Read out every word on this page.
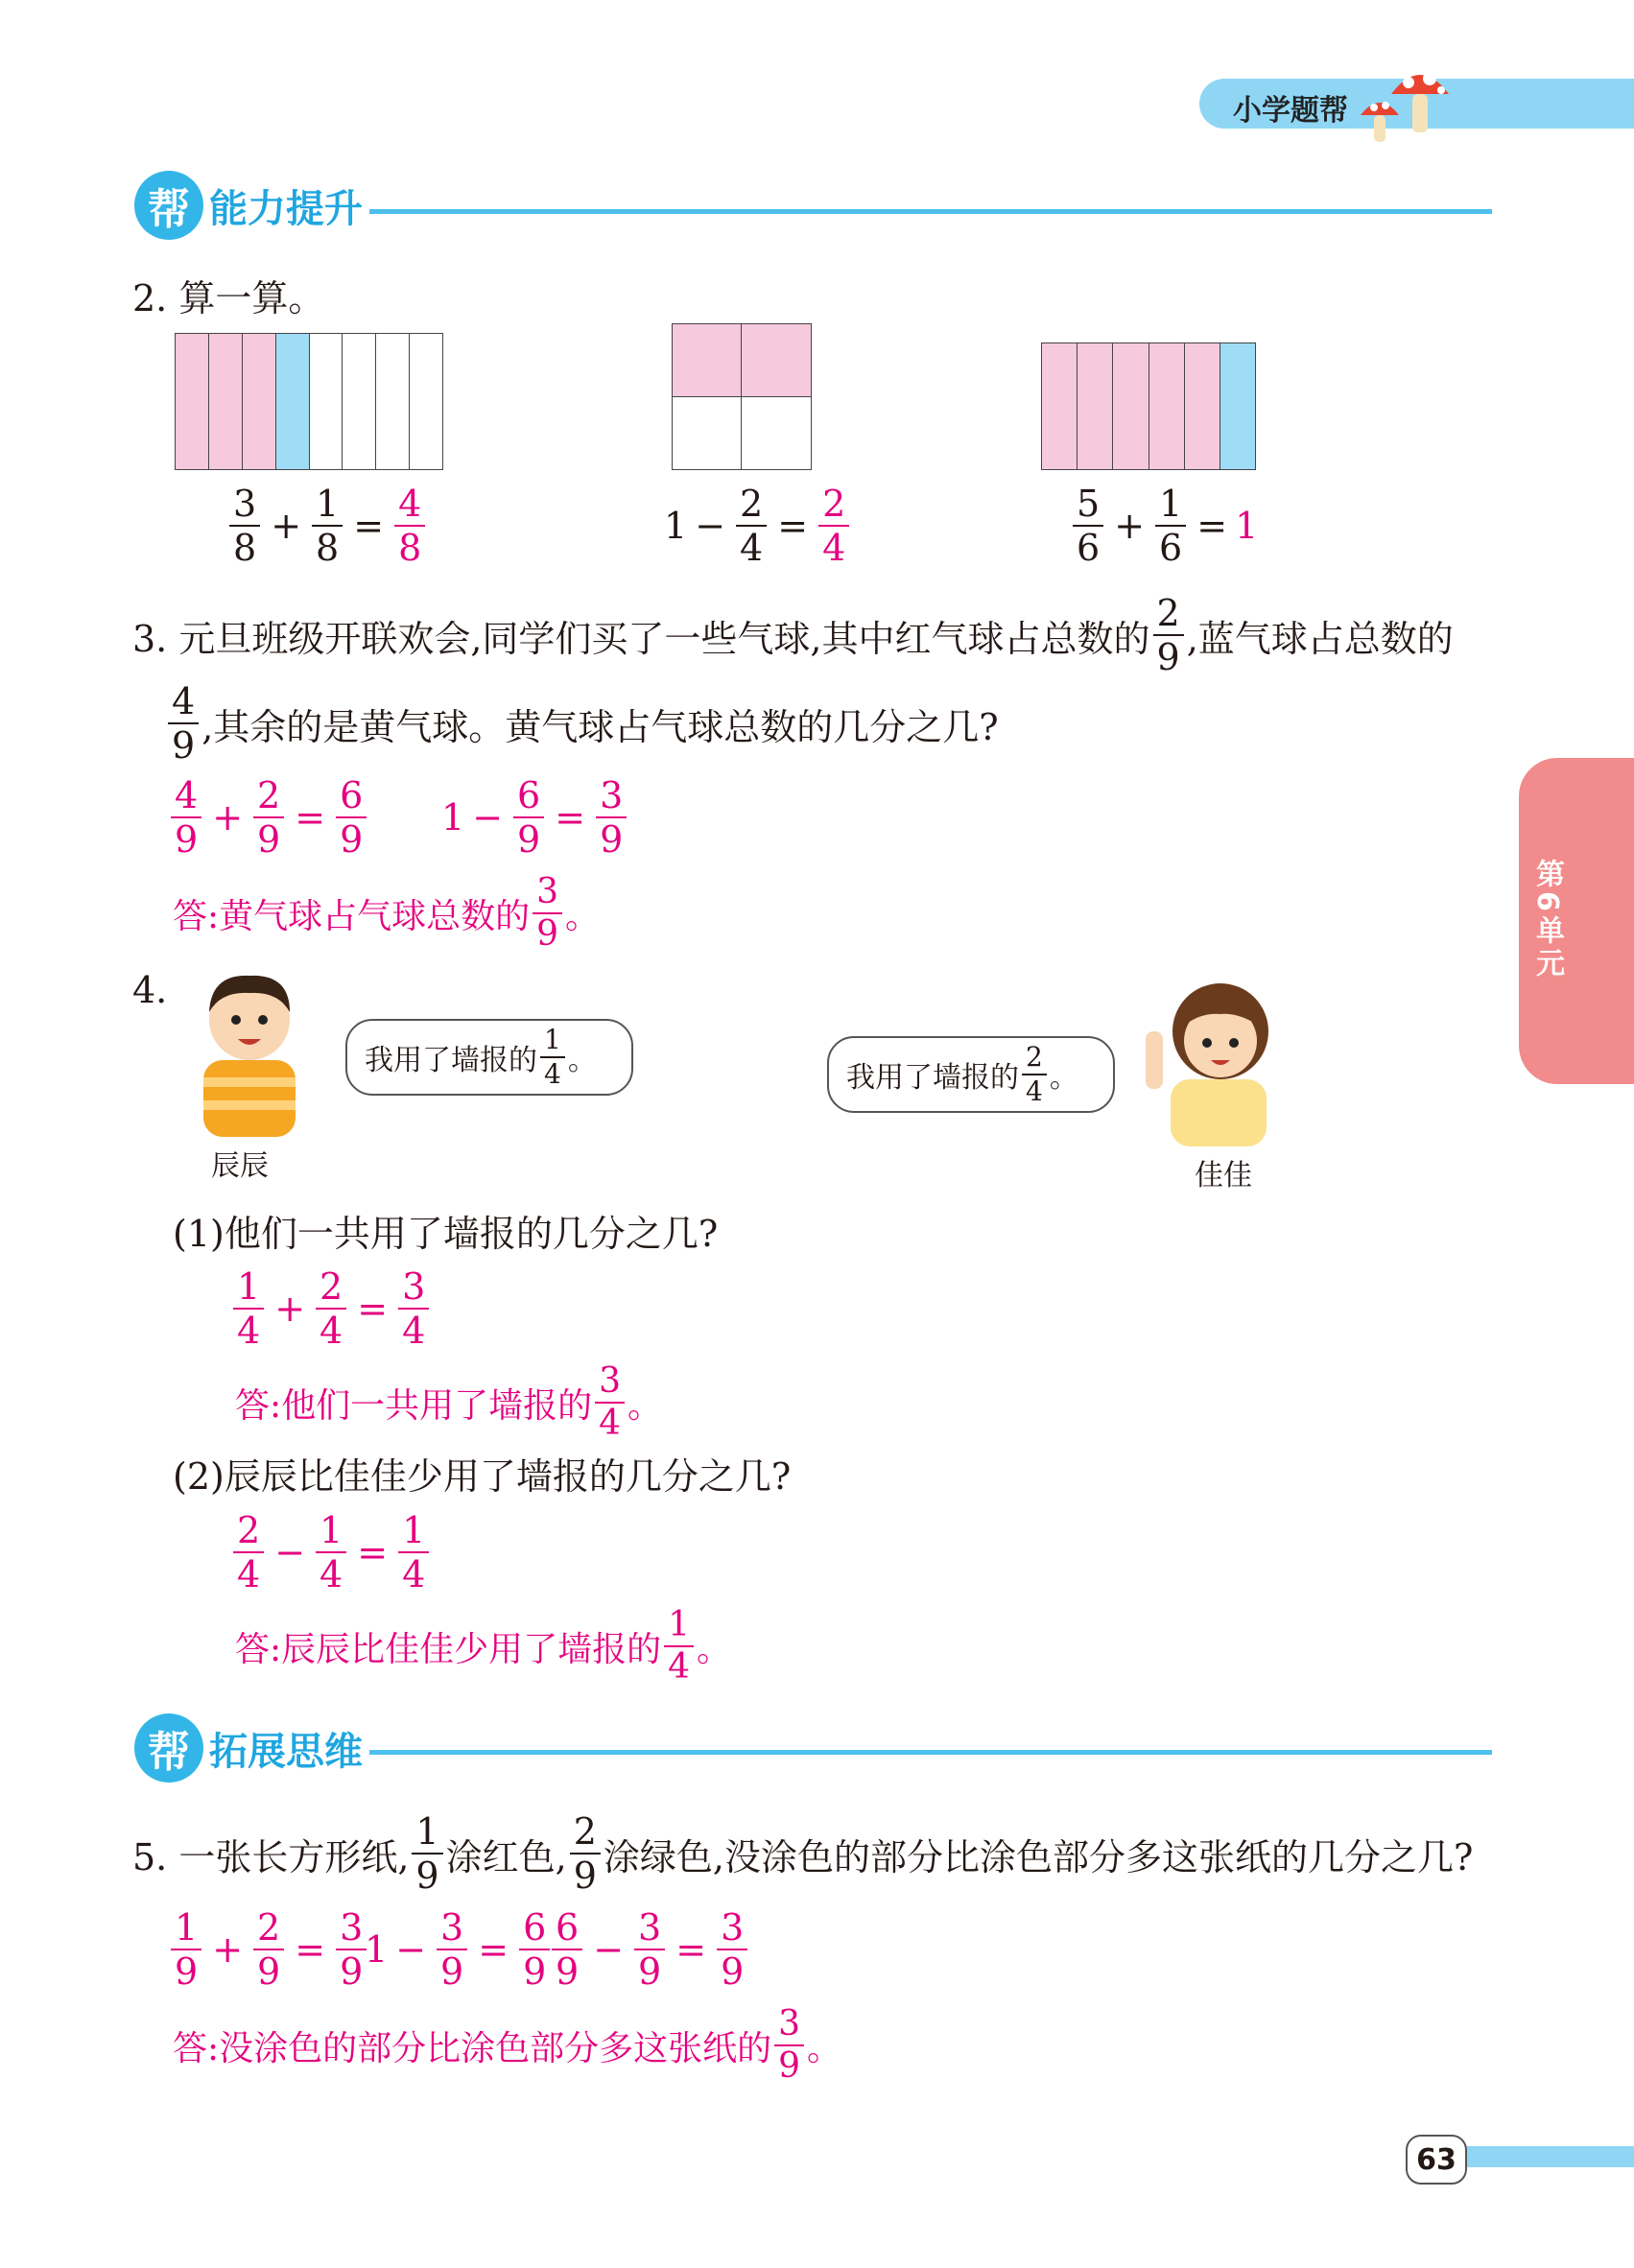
小学题帮
帮 能力提升
第6单元
2. 算一算。
$\frac{3}{8} + \frac{1}{8} = \frac{4}{8}$	$1 - \frac{2}{4} = \frac{2}{4}$	$\frac{5}{6} + \frac{1}{6} = 1$
3. 元旦班级开联欢会,同学们买了一些气球,其中红气球占总数的 $\frac{2}{9}$ ,蓝气球占总数的
$\frac{4}{9}$ ,其余的是黄气球。黄气球占气球总数的几分之几?
$\frac{4}{9} + \frac{2}{9} = \frac{6}{9} 1 - \frac{6}{9} = \frac{3}{9}$
答:黄气球占气球总数的 $\frac{3}{9}$ 。
4.
辰辰
我用了墙报的 $\frac{1}{4}$ 。
我用了墙报的 $\frac{2}{4}$ 。
佳佳
(1)他们一共用了墙报的几分之几?
$\frac{1}{4} + \frac{2}{4} = \frac{3}{4}$
答:他们一共用了墙报的 $\frac{3}{4}$ 。
(2)辰辰比佳佳少用了墙报的几分之几?
$\frac{2}{4} - \frac{1}{4} = \frac{1}{4}$
答:辰辰比佳佳少用了墙报的 $\frac{1}{4}$ 。
帮 拓展思维
5. 一张长方形纸, $\frac{1}{9}$ 涂红色, $\frac{2}{9}$ 涂绿色,没涂色的部分比涂色部分多这张纸的几分之几?
$\frac{1}{9} + \frac{2}{9} = \frac{3}{9}$
$1 - \frac{3}{9} = \frac{6}{9} \frac{6}{9} - \frac{3}{9} = \frac{3}{9}$
答:没涂色的部分比涂色部分多这张纸的 $\frac{3}{9}$ 。
63
